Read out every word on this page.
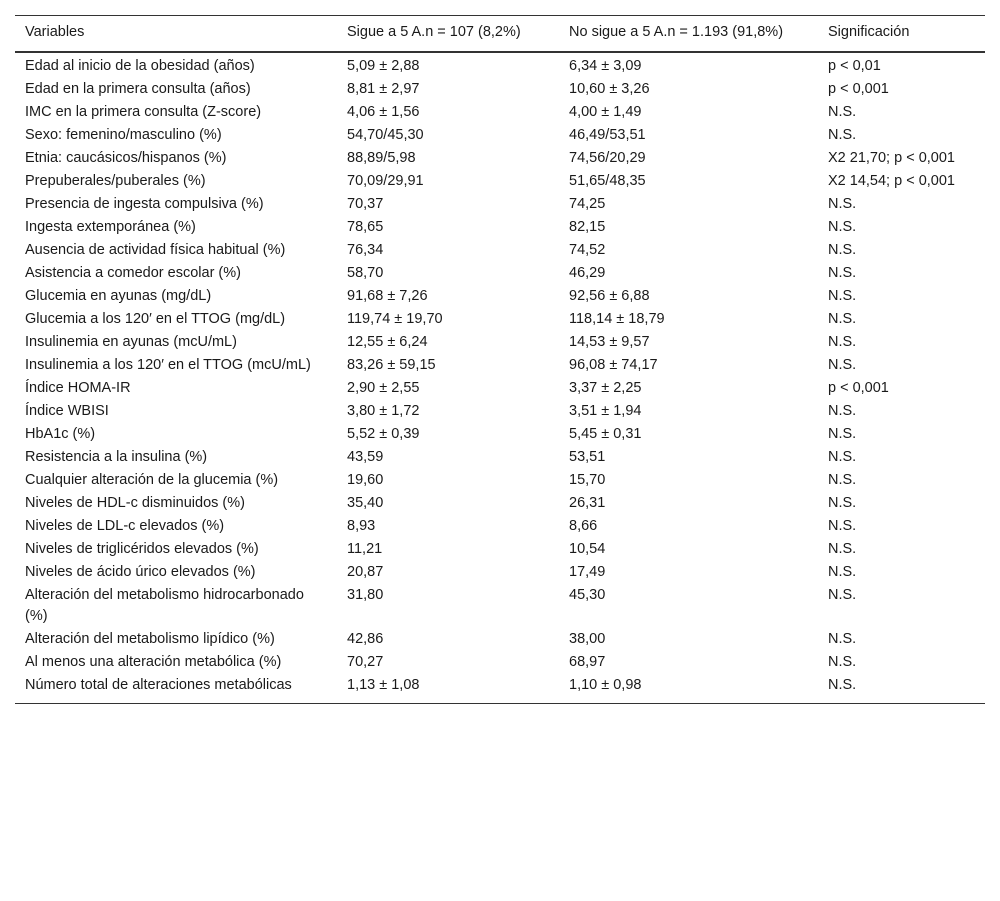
Variables	Sigue a 5 A.n = 107 (8,2%)	No sigue a 5 A.n = 1.193 (91,8%)	Significación
Edad al inicio de la obesidad (años)	5,09 ± 2,88	6,34 ± 3,09	p < 0,01
Edad en la primera consulta (años)	8,81 ± 2,97	10,60 ± 3,26	p < 0,001
IMC en la primera consulta (Z-score)	4,06 ± 1,56	4,00 ± 1,49	N.S.
Sexo: femenino/masculino (%)	54,70/45,30	46,49/53,51	N.S.
Etnia: caucásicos/hispanos (%)	88,89/5,98	74,56/20,29	X2 21,70; p < 0,001
Prepuberales/puberales (%)	70,09/29,91	51,65/48,35	X2 14,54; p < 0,001
Presencia de ingesta compulsiva (%)	70,37	74,25	N.S.
Ingesta extemporánea (%)	78,65	82,15	N.S.
Ausencia de actividad física habitual (%)	76,34	74,52	N.S.
Asistencia a comedor escolar (%)	58,70	46,29	N.S.
Glucemia en ayunas (mg/dL)	91,68 ± 7,26	92,56 ± 6,88	N.S.
Glucemia a los 120′ en el TTOG (mg/dL)	119,74 ± 19,70	118,14 ± 18,79	N.S.
Insulinemia en ayunas (mcU/mL)	12,55 ± 6,24	14,53 ± 9,57	N.S.
Insulinemia a los 120′ en el TTOG (mcU/mL)	83,26 ± 59,15	96,08 ± 74,17	N.S.
Índice HOMA-IR	2,90 ± 2,55	3,37 ± 2,25	p < 0,001
Índice WBISI	3,80 ± 1,72	3,51 ± 1,94	N.S.
HbA1c (%)	5,52 ± 0,39	5,45 ± 0,31	N.S.
Resistencia a la insulina (%)	43,59	53,51	N.S.
Cualquier alteración de la glucemia (%)	19,60	15,70	N.S.
Niveles de HDL-c disminuidos (%)	35,40	26,31	N.S.
Niveles de LDL-c elevados (%)	8,93	8,66	N.S.
Niveles de triglicéridos elevados (%)	11,21	10,54	N.S.
Niveles de ácido úrico elevados (%)	20,87	17,49	N.S.
Alteración del metabolismo hidrocarbonado (%)	31,80	45,30	N.S.
Alteración del metabolismo lipídico (%)	42,86	38,00	N.S.
Al menos una alteración metabólica (%)	70,27	68,97	N.S.
Número total de alteraciones metabólicas	1,13 ± 1,08	1,10 ± 0,98	N.S.
